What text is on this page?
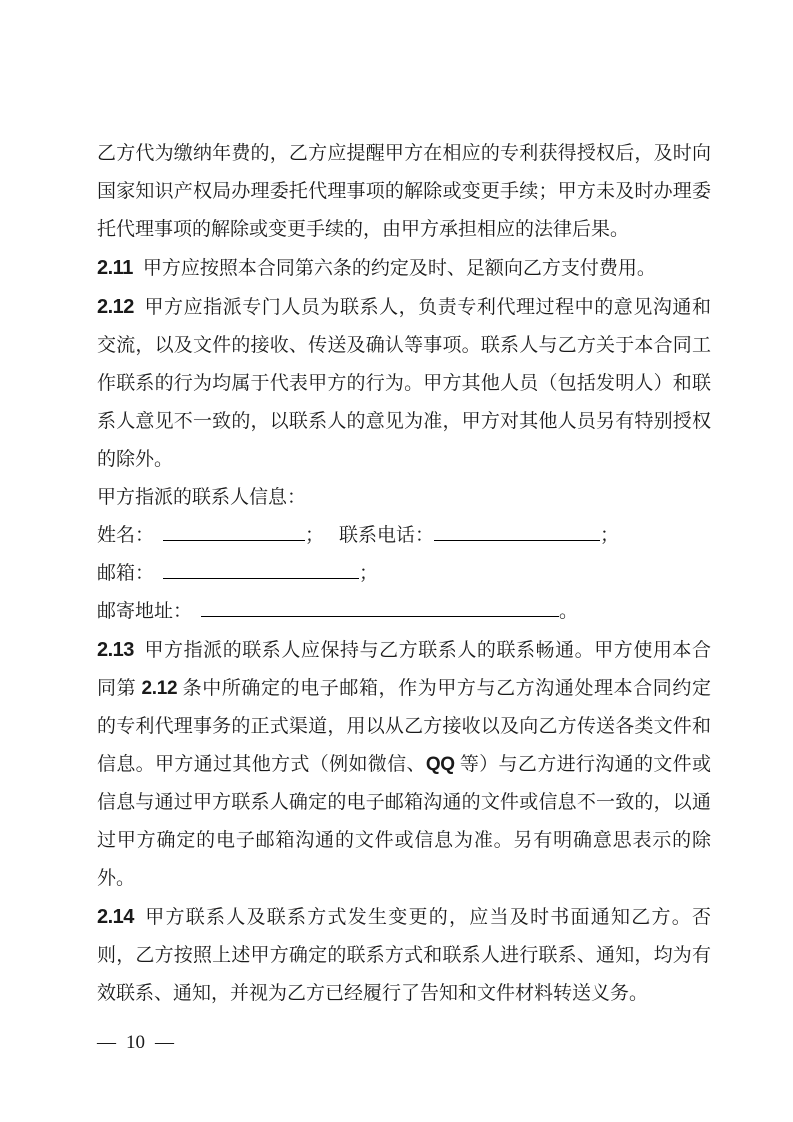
乙方代为缴纳年费的，乙方应提醒甲方在相应的专利获得授权后，及时向国家知识产权局办理委托代理事项的解除或变更手续；甲方未及时办理委托代理事项的解除或变更手续的，由甲方承担相应的法律后果。

2.11 甲方应按照本合同第六条的约定及时、足额向乙方支付费用。

2.12 甲方应指派专门人员为联系人，负责专利代理过程中的意见沟通和交流，以及文件的接收、传送及确认等事项。联系人与乙方关于本合同工作联系的行为均属于代表甲方的行为。甲方其他人员（包括发明人）和联系人意见不一致的，以联系人的意见为准，甲方对其他人员另有特别授权的除外。

甲方指派的联系人信息：

姓名：	； 联系电话：	；

邮箱：	；

邮寄地址：	。

2.13 甲方指派的联系人应保持与乙方联系人的联系畅通。甲方使用本合同第 2.12 条中所确定的电子邮箱，作为甲方与乙方沟通处理本合同约定的专利代理事务的正式渠道，用以从乙方接收以及向乙方传送各类文件和信息。甲方通过其他方式（例如微信、QQ 等）与乙方进行沟通的文件或信息与通过甲方联系人确定的电子邮箱沟通的文件或信息不一致的，以通过甲方确定的电子邮箱沟通的文件或信息为准。另有明确意思表示的除外。

2.14 甲方联系人及联系方式发生变更的，应当及时书面通知乙方。否则，乙方按照上述甲方确定的联系方式和联系人进行联系、通知，均为有效联系、通知，并视为乙方已经履行了告知和文件材料转送义务。

— 10 —
